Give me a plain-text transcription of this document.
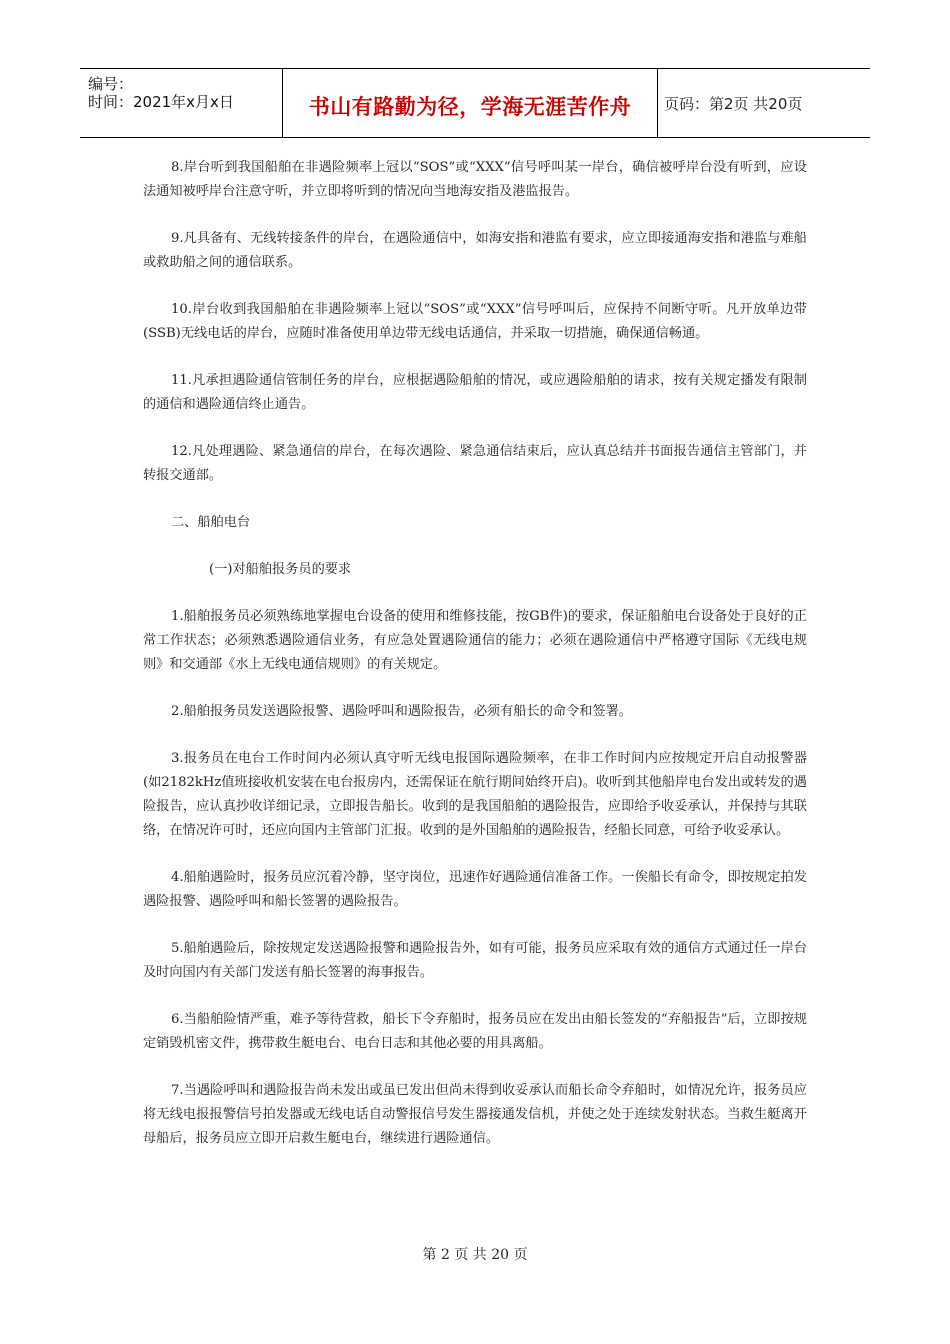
编号：
时间：2021年x月x日	书山有路勤为径，学海无涯苦作舟	页码：第2页 共20页

8.岸台听到我国船舶在非遇险频率上冠以“SOS”或“XXX”信号呼叫某一岸台，确信被呼岸台没有听到，应设法通知被呼岸台注意守听，并立即将听到的情况向当地海安指及港监报告。

9.凡具备有、无线转接条件的岸台，在遇险通信中，如海安指和港监有要求，应立即接通海安指和港监与难船或救助船之间的通信联系。

10.岸台收到我国船舶在非遇险频率上冠以“SOS”或“XXX”信号呼叫后，应保持不间断守听。凡开放单边带(SSB)无线电话的岸台，应随时准备使用单边带无线电话通信，并采取一切措施，确保通信畅通。

11.凡承担遇险通信管制任务的岸台，应根据遇险船舶的情况，或应遇险船舶的请求，按有关规定播发有限制的通信和遇险通信终止通告。

12.凡处理遇险、紧急通信的岸台，在每次遇险、紧急通信结束后，应认真总结并书面报告通信主管部门，并转报交通部。

二、船舶电台

(一)对船舶报务员的要求

1.船舶报务员必须熟练地掌握电台设备的使用和维修技能，按GB件)的要求，保证船舶电台设备处于良好的正常工作状态；必须熟悉遇险通信业务，有应急处置遇险通信的能力；必须在遇险通信中严格遵守国际《无线电规则》和交通部《水上无线电通信规则》的有关规定。

2.船舶报务员发送遇险报警、遇险呼叫和遇险报告，必须有船长的命令和签署。

3.报务员在电台工作时间内必须认真守听无线电报国际遇险频率，在非工作时间内应按规定开启自动报警器(如2182kHz值班接收机安装在电台报房内，还需保证在航行期间始终开启)。收听到其他船岸电台发出或转发的遇险报告，应认真抄收详细记录，立即报告船长。收到的是我国船舶的遇险报告，应即给予收妥承认，并保持与其联络，在情况许可时，还应向国内主管部门汇报。收到的是外国船舶的遇险报告，经船长同意，可给予收妥承认。

4.船舶遇险时，报务员应沉着冷静，坚守岗位，迅速作好遇险通信准备工作。一俟船长有命令，即按规定拍发遇险报警、遇险呼叫和船长签署的遇险报告。

5.船舶遇险后，除按规定发送遇险报警和遇险报告外，如有可能，报务员应采取有效的通信方式通过任一岸台及时向国内有关部门发送有船长签署的海事报告。

6.当船舶险情严重，难予等待营救，船长下令弃船时，报务员应在发出由船长签发的“弃船报告”后，立即按规定销毁机密文件，携带救生艇电台、电台日志和其他必要的用具离船。

7.当遇险呼叫和遇险报告尚未发出或虽已发出但尚未得到收妥承认而船长命令弃船时，如情况允许，报务员应将无线电报报警信号拍发器或无线电话自动警报信号发生器接通发信机，并使之处于连续发射状态。当救生艇离开母船后，报务员应立即开启救生艇电台，继续进行遇险通信。

第 2 页 共 20 页
